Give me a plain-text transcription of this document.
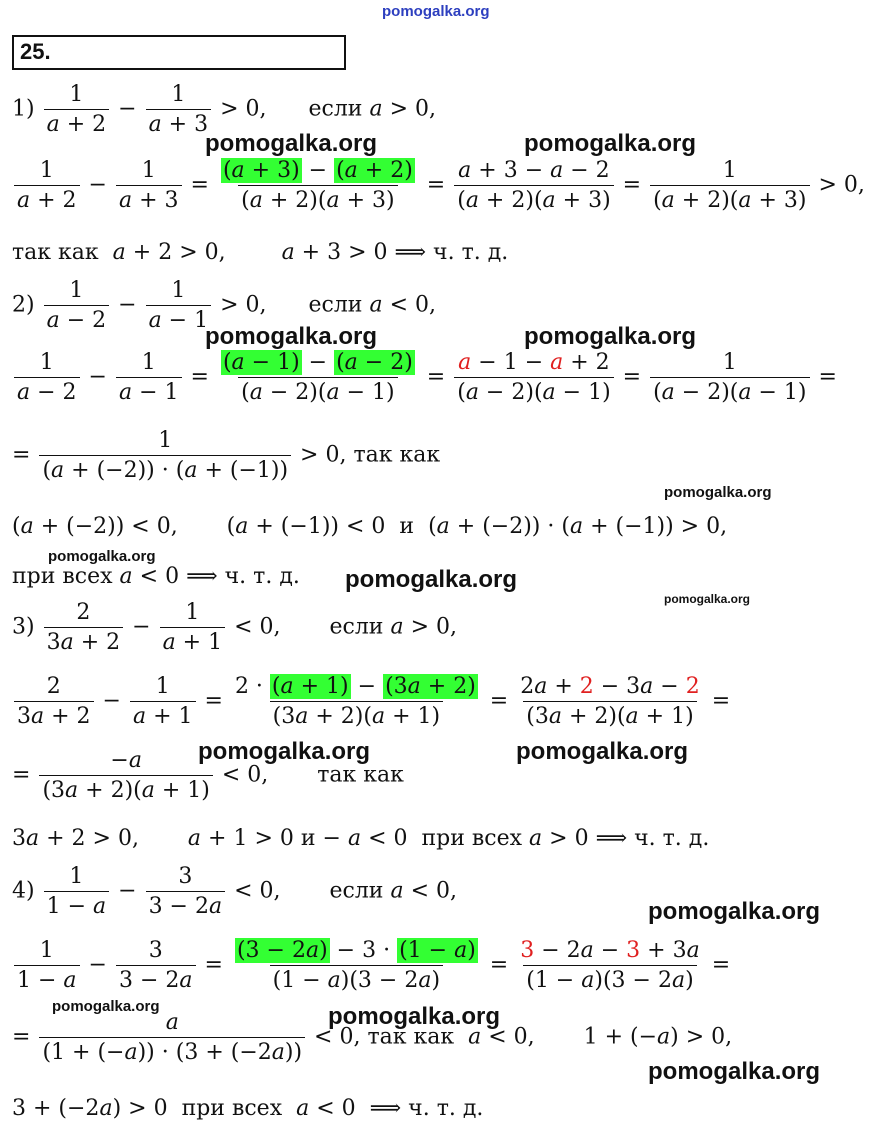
pomogalka.org
25.
$1) \frac{1}{a + 2} - \frac{1}{a + 3} > 0$,      если a > 0,
$\frac{1}{a + 2} - \frac{1}{a + 3} = \frac{(a + 3) - (a + 2)}{(a + 2)(a + 3)} = \frac{a + 3 - a - 2}{(a + 2)(a + 3)} = \frac{1}{(a + 2)(a + 3)} > 0$,
так как a + 2 > 0,        a + 3 > 0 ⟹ ч. т. д.
$2) \frac{1}{a - 2} - \frac{1}{a - 1} > 0$,      если a < 0,
$\frac{1}{a - 2} - \frac{1}{a - 1} = \frac{(a - 1) - (a - 2)}{(a - 2)(a - 1)} = \frac{a - 1 - a + 2}{(a - 2)(a - 1)} = \frac{1}{(a - 2)(a - 1)}$ =
= $\frac{1}{(a + (-2)) \cdot (a + (-1))} > 0$, так как
(a + (−2)) < 0,       (a + (−1)) < 0  и  (a + (−2)) · (a + (−1)) > 0,
при всех a < 0 ⟹ ч. т. д.
$3) \frac{2}{3a + 2} - \frac{1}{a + 1} < 0$,       если a > 0,
$\frac{2}{3a + 2} - \frac{1}{a + 1} = \frac{2 \cdot (a + 1) - (3a + 2)}{(3a + 2)(a + 1)} = \frac{2a + 2 - 3a - 2}{(3a + 2)(a + 1)}$ =
= $\frac{-a}{(3a + 2)(a + 1)} < 0$,       так как
3a + 2 > 0,       a + 1 > 0 и − a < 0  при всех a > 0 ⟹ ч. т. д.
$4) \frac{1}{1 - a} - \frac{3}{3 - 2a} < 0$,       если a < 0,
$\frac{1}{1 - a} - \frac{3}{3 - 2a} = \frac{(3 - 2a) - 3 \cdot (1 - a)}{(1 - a)(3 - 2a)} = \frac{3 - 2a - 3 + 3a}{(1 - a)(3 - 2a)}$ =
= $\frac{a}{(1 + (-a)) \cdot (3 + (-2a))} < 0$, так как a < 0,       1 + (−a) > 0,
3 + (−2a) > 0  при всех a < 0  ⟹ ч. т. д.
pomogalka.org	pomogalka.org
pomogalka.org	pomogalka.org
pomogalka.org
pomogalka.org
pomogalka.org
pomogalka.org
pomogalka.org	pomogalka.org
pomogalka.org
pomogalka.org	pomogalka.org
pomogalka.org
